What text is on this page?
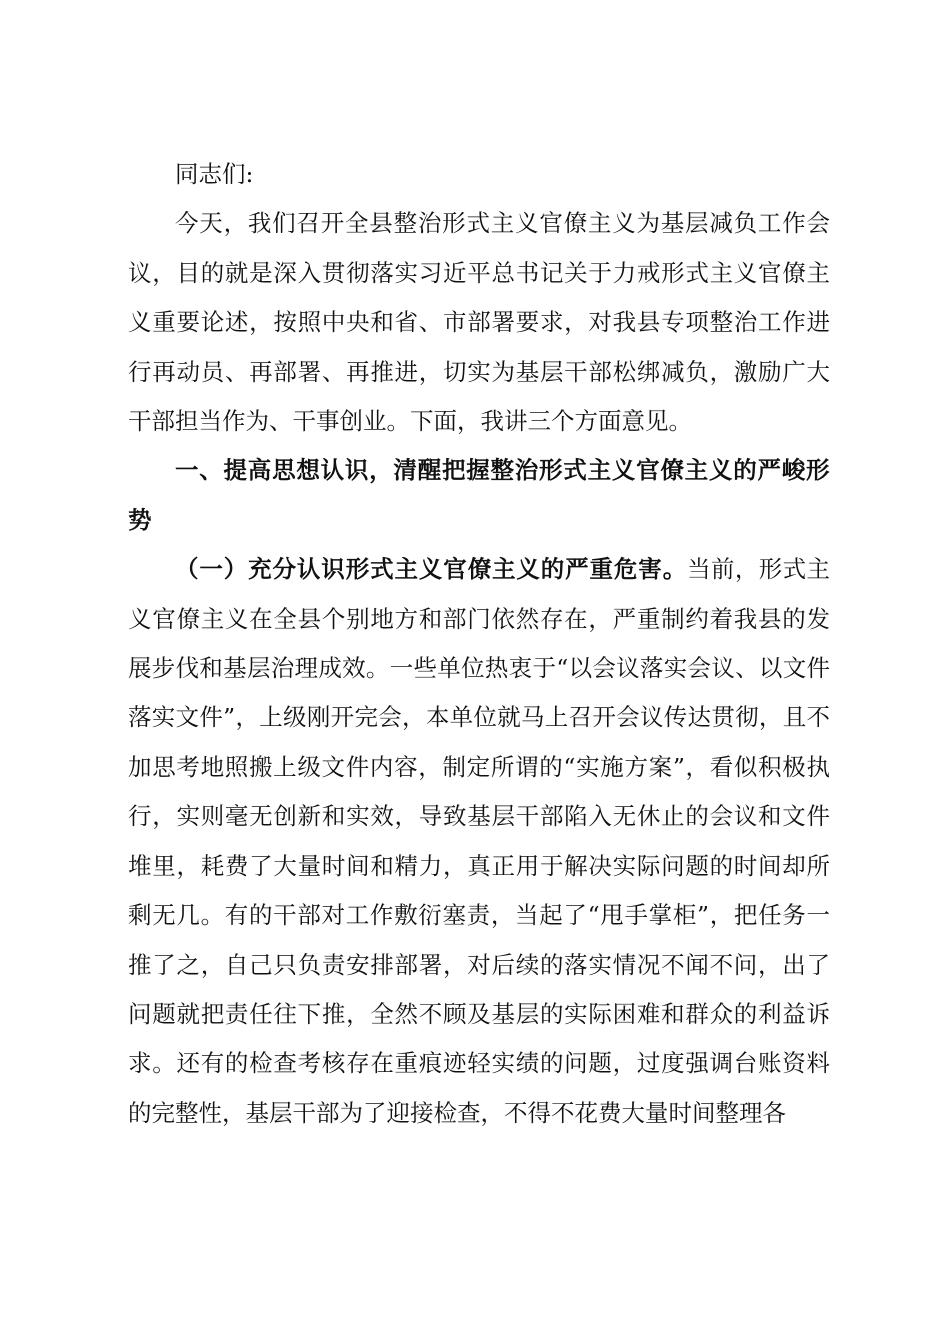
同志们:

今天，我们召开全县整治形式主义官僚主义为基层减负工作会议，目的就是深入贯彻落实习近平总书记关于力戒形式主义官僚主义重要论述，按照中央和省、市部署要求，对我县专项整治工作进行再动员、再部署、再推进，切实为基层干部松绑减负，激励广大干部担当作为、干事创业。下面，我讲三个方面意见。

一、提高思想认识，清醒把握整治形式主义官僚主义的严峻形势

（一）充分认识形式主义官僚主义的严重危害。当前，形式主义官僚主义在全县个别地方和部门依然存在，严重制约着我县的发展步伐和基层治理成效。一些单位热衷于“以会议落实会议、以文件落实文件”，上级刚开完会，本单位就马上召开会议传达贯彻，且不加思考地照搬上级文件内容，制定所谓的“实施方案”，看似积极执行，实则毫无创新和实效，导致基层干部陷入无休止的会议和文件堆里，耗费了大量时间和精力，真正用于解决实际问题的时间却所剩无几。有的干部对工作敷衍塞责，当起了“甩手掌柜”，把任务一推了之，自己只负责安排部署，对后续的落实情况不闻不问，出了问题就把责任往下推，全然不顾及基层的实际困难和群众的利益诉求。还有的检查考核存在重痕迹轻实绩的问题，过度强调台账资料的完整性，基层干部为了迎接检查，不得不花费大量时间整理各
